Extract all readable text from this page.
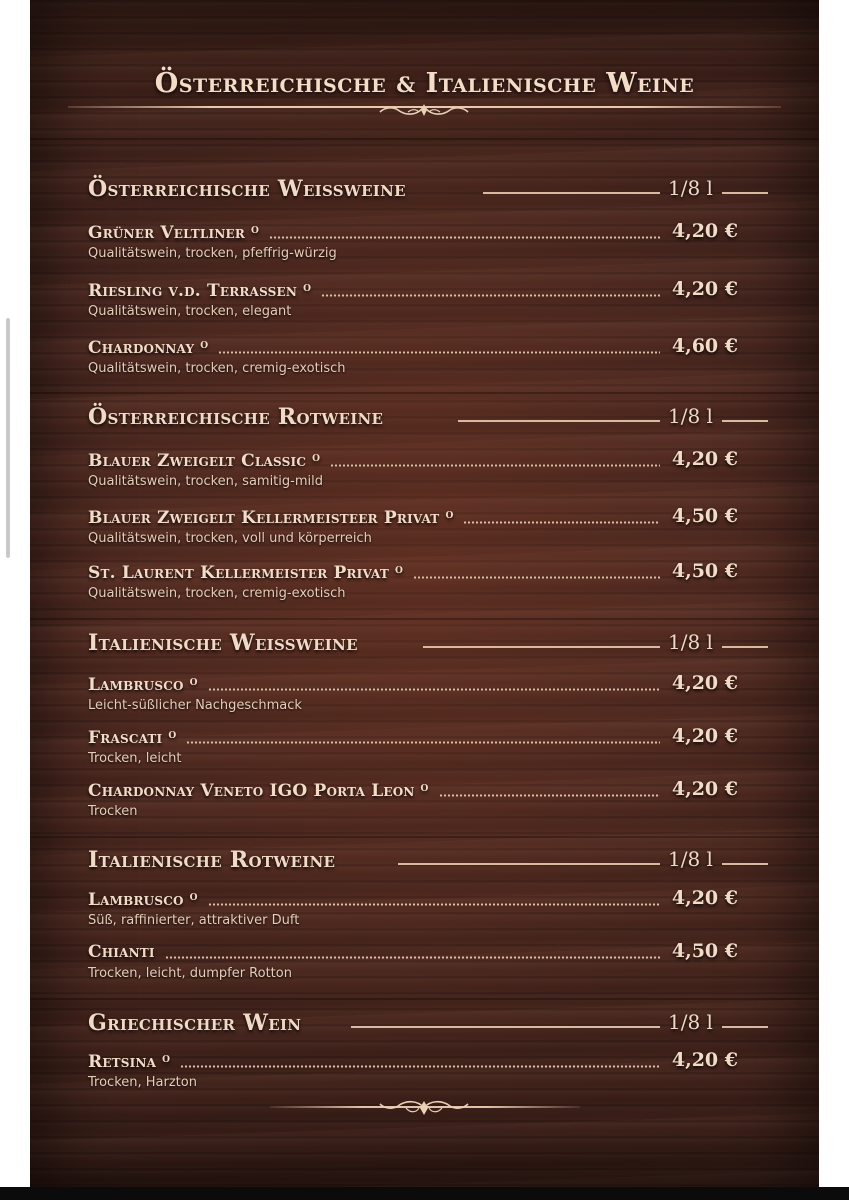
Österreichische & Italienische Weine
Österreichische Weissweine	1/8 l
Grüner Veltliner $^o$	4,20 €
Qualitätswein, trocken, pfeffrig-würzig
Riesling v.d. Terrassen $^o$	4,20 €
Qualitätswein, trocken, elegant
Chardonnay $^o$	4,60 €
Qualitätswein, trocken, cremig-exotisch
Österreichische Rotweine	1/8 l
Blauer Zweigelt Classic $^o$	4,20 €
Qualitätswein, trocken, samitig-mild
Blauer Zweigelt Kellermeisteer Privat $^o$	4,50 €
Qualitätswein, trocken, voll und körperreich
St. Laurent Kellermeister Privat $^o$	4,50 €
Qualitätswein, trocken, cremig-exotisch
Italienische Weissweine	1/8 l
Lambrusco $^o$	4,20 €
Leicht-süßlicher Nachgeschmack
Frascati $^o$	4,20 €
Trocken, leicht
Chardonnay Veneto IGO Porta Leon $^o$	4,20 €
Trocken
Italienische Rotweine	1/8 l
Lambrusco $^o$	4,20 €
Süß, raffinierter, attraktiver Duft
Chianti	4,50 €
Trocken, leicht, dumpfer Rotton
Griechischer Wein	1/8 l
Retsina $^o$	4,20 €
Trocken, Harzton
